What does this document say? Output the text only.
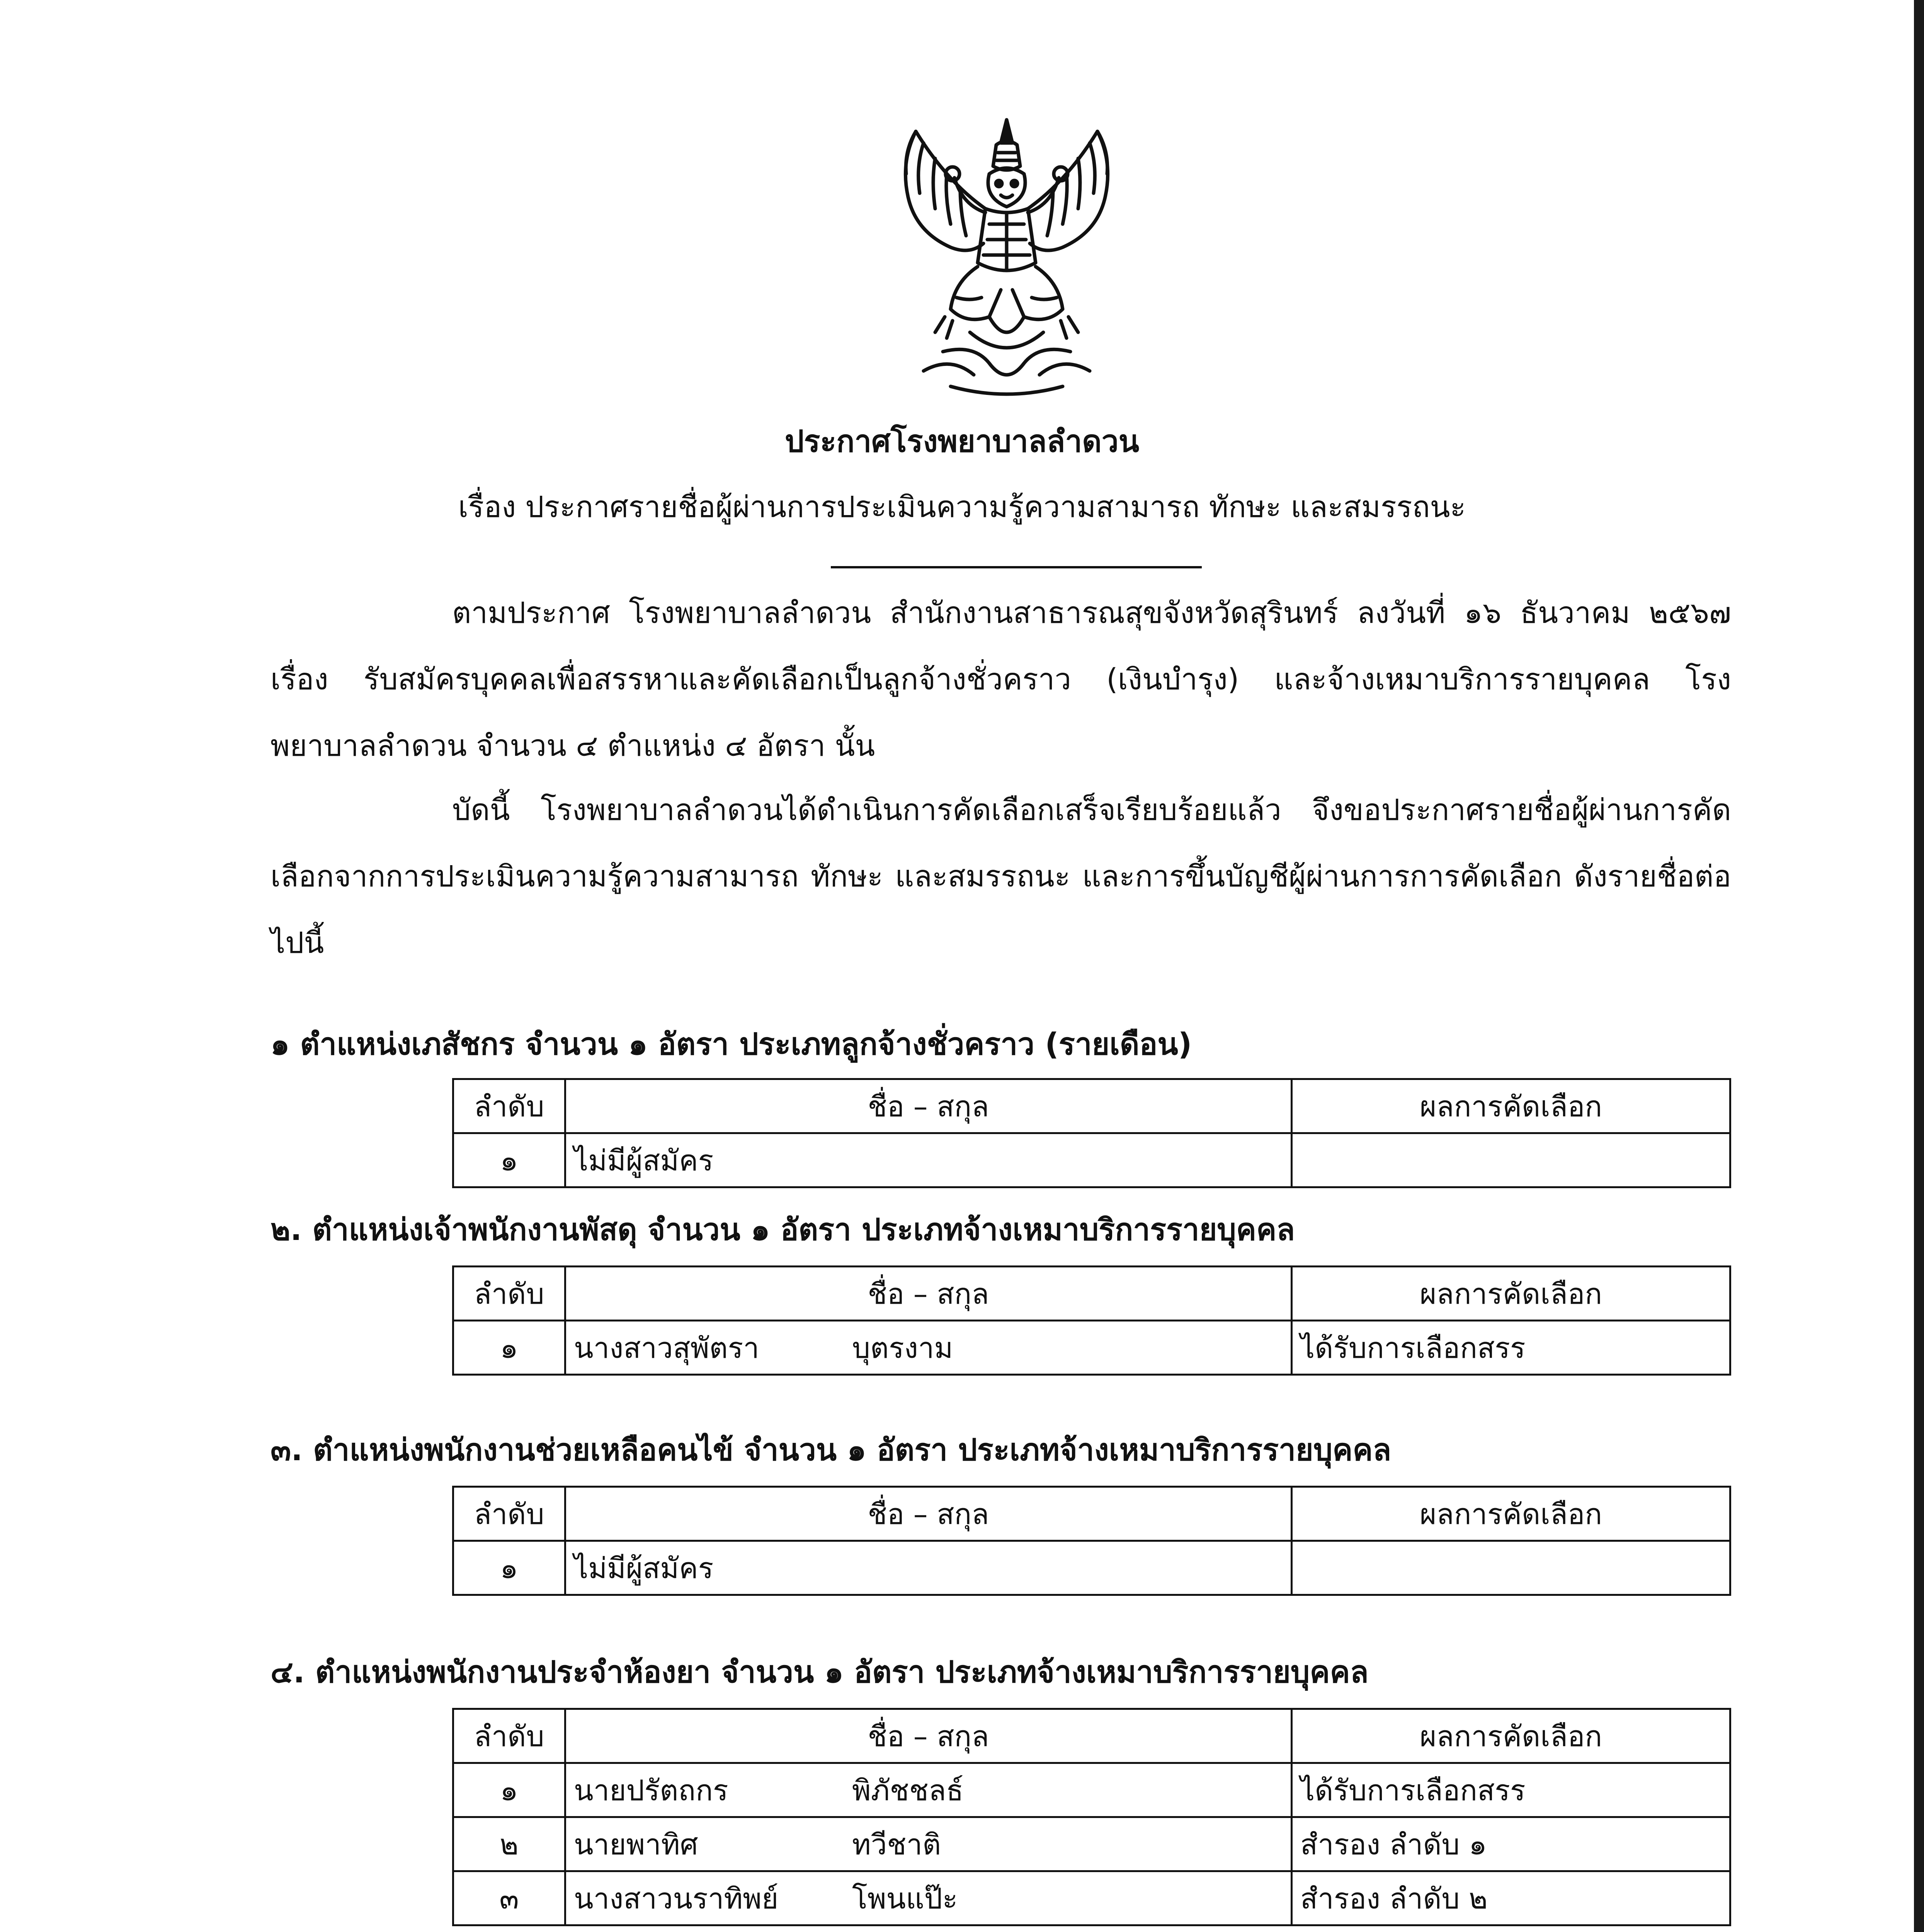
ประกาศโรงพยาบาลลำดวน
เรื่อง ประกาศรายชื่อผู้ผ่านการประเมินความรู้ความสามารถ ทักษะ และสมรรถนะ

ตามประกาศ โรงพยาบาลลำดวน สำนักงานสาธารณสุขจังหวัดสุรินทร์ ลงวันที่ ๑๖ ธันวาคม ๒๕๖๗ เรื่อง รับสมัครบุคคลเพื่อสรรหาและคัดเลือกเป็นลูกจ้างชั่วคราว (เงินบำรุง) และจ้างเหมาบริการรายบุคคล โรงพยาบาลลำดวน จำนวน ๔ ตำแหน่ง ๔ อัตรา นั้น

บัดนี้ โรงพยาบาลลำดวนได้ดำเนินการคัดเลือกเสร็จเรียบร้อยแล้ว จึงขอประกาศรายชื่อผู้ผ่านการคัดเลือกจากการประเมินความรู้ความสามารถ ทักษะ และสมรรถนะ และการขึ้นบัญชีผู้ผ่านการการคัดเลือก ดังรายชื่อต่อไปนี้

๑ ตำแหน่งเภสัชกร จำนวน ๑ อัตรา ประเภทลูกจ้างชั่วคราว (รายเดือน)

ลำดับ	ชื่อ – สกุล	ผลการคัดเลือก
๑	ไม่มีผู้สมัคร	

๒. ตำแหน่งเจ้าพนักงานพัสดุ จำนวน ๑ อัตรา ประเภทจ้างเหมาบริการรายบุคคล

ลำดับ	ชื่อ – สกุล	ผลการคัดเลือก
๑	นางสาวสุพัตรา บุตรงาม	ได้รับการเลือกสรร

๓. ตำแหน่งพนักงานช่วยเหลือคนไข้ จำนวน ๑ อัตรา ประเภทจ้างเหมาบริการรายบุคคล

ลำดับ	ชื่อ – สกุล	ผลการคัดเลือก
๑	ไม่มีผู้สมัคร	

๔. ตำแหน่งพนักงานประจำห้องยา จำนวน ๑ อัตรา ประเภทจ้างเหมาบริการรายบุคคล

ลำดับ	ชื่อ – สกุล	ผลการคัดเลือก
๑	นายปรัตถกร พิภัชชลธ์	ได้รับการเลือกสรร
๒	นายพาทิศ ทวีชาติ	สำรอง ลำดับ ๑
๓	นางสาวนราทิพย์ โพนแป๊ะ	สำรอง ลำดับ ๒
